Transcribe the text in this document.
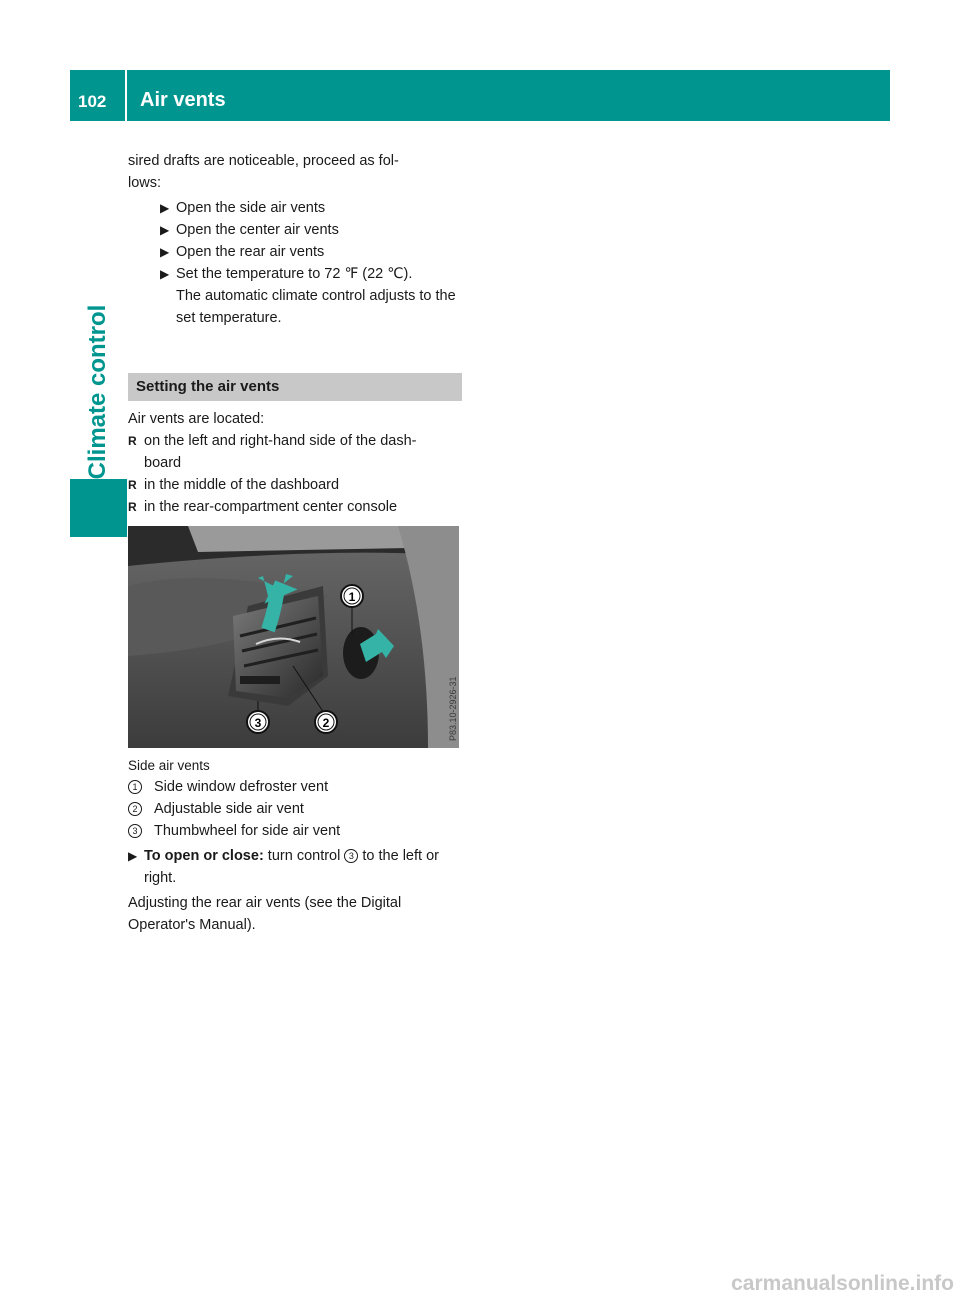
102	Air vents
Climate control

sired drafts are noticeable, proceed as fol-
lows:

▶ Open the side air vents

▶ Open the center air vents

▶ Open the rear air vents

▶ Set the temperature to 72 ℉ (22 ℃).
The automatic climate control adjusts to the set temperature.

Setting the air vents

Air vents are located:

R on the left and right-hand side of the dash-
board

R in the middle of the dashboard

R in the rear-compartment center console

1
2
3	P83.10-2926-31

Side air vents

1	Side window defroster vent

2	Adjustable side air vent

3	Thumbwheel for side air vent

▶ To open or close: turn control 3 to the left or right.

Adjusting the rear air vents (see the Digital Operator's Manual).

carmanualsonline.info
